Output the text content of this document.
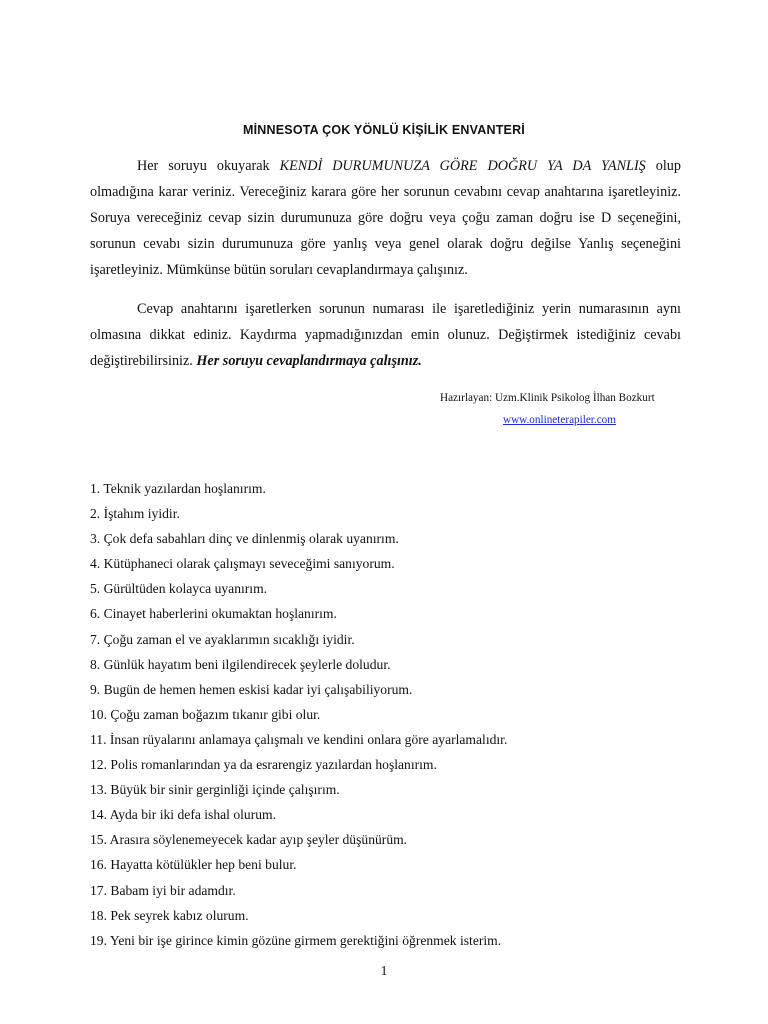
MİNNESOTA ÇOK YÖNLÜ KİŞİLİK ENVANTERİ

Her soruyu okuyarak KENDİ DURUMUNUZA GÖRE DOĞRU YA DA YANLIŞ olup olmadığına karar veriniz. Vereceğiniz karara göre her sorunun cevabını cevap anahtarına işaretleyiniz. Soruya vereceğiniz cevap sizin durumunuza göre doğru veya çoğu zaman doğru ise D seçeneğini, sorunun cevabı sizin durumunuza göre yanlış veya genel olarak doğru değilse Yanlış seçeneğini işaretleyiniz. Mümkünse bütün soruları cevaplandırmaya çalışınız.

Cevap anahtarını işaretlerken sorunun numarası ile işaretlediğiniz yerin numarasının aynı olmasına dikkat ediniz. Kaydırma yapmadığınızdan emin olunuz. Değiştirmek istediğiniz cevabı değiştirebilirsiniz. Her soruyu cevaplandırmaya çalışınız.

Hazırlayan: Uzm.Klinik Psikolog İlhan Bozkurt
www.onlineterapiler.com
1. Teknik yazılardan hoşlanırım.
2. İştahım iyidir.
3. Çok defa sabahları dinç ve dinlenmiş olarak uyanırım.
4. Kütüphaneci olarak çalışmayı seveceğimi sanıyorum.
5. Gürültüden kolayca uyanırım.
6. Cinayet haberlerini okumaktan hoşlanırım.
7. Çoğu zaman el ve ayaklarımın sıcaklığı iyidir.
8. Günlük hayatım beni ilgilendirecek şeylerle doludur.
9. Bugün de hemen hemen eskisi kadar iyi çalışabiliyorum.
10. Çoğu zaman boğazım tıkanır gibi olur.
11. İnsan rüyalarını anlamaya çalışmalı ve kendini onlara göre ayarlamalıdır.
12. Polis romanlarından ya da esrarengiz yazılardan hoşlanırım.
13. Büyük bir sinir gerginliği içinde çalışırım.
14. Ayda bir iki defa ishal olurum.
15. Arasıra söylenemeyecek kadar ayıp şeyler düşünürüm.
16. Hayatta kötülükler hep beni bulur.
17. Babam iyi bir adamdır.
18. Pek seyrek kabız olurum.
19. Yeni bir işe girince kimin gözüne girmem gerektiğini öğrenmek isterim.
1
